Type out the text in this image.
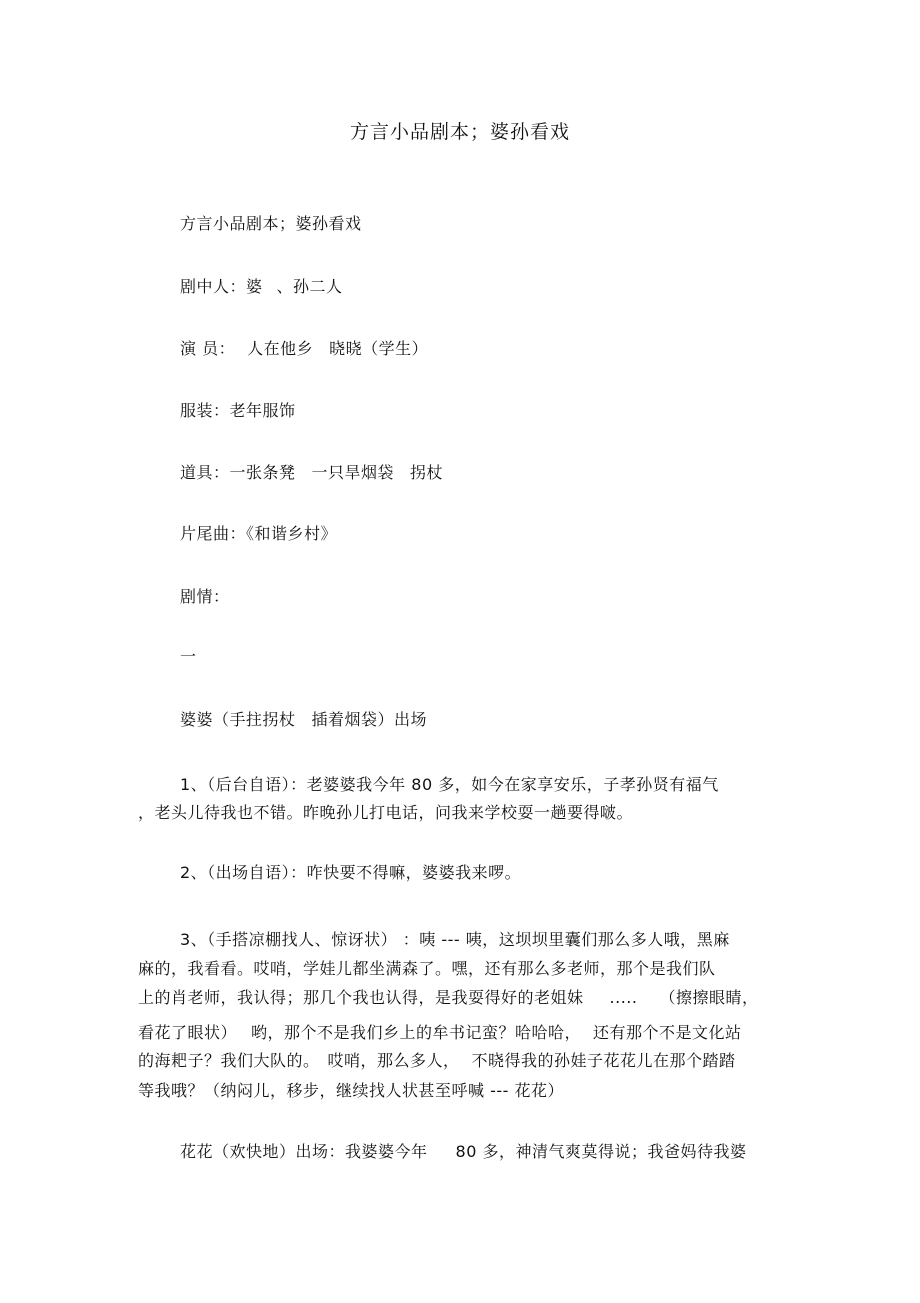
方言小品剧本；婆孙看戏
方言小品剧本；婆孙看戏
剧中人：婆 、孙二人
演 员： 人在他乡 晓晓（学生）
服装：老年服饰
道具：一张条凳 一只旱烟袋 拐杖
片尾曲：《和谐乡村》
剧情：
一
婆婆（手拄拐杖 插着烟袋）出场
1、（后台自语）：老婆婆我今年 80 多，如今在家享安乐，子孝孙贤有福气
，老头儿待我也不错。昨晚孙儿打电话，问我来学校耍一趟要得啵。
2、（出场自语）：咋快要不得嘛，婆婆我来啰。
3、（手搭凉棚找人、惊讶状） ：咦 --- 咦，这坝坝里囊们那么多人哦，黑麻
麻的，我看看。哎哨，学娃儿都坐满森了。嘿，还有那么多老师，那个是我们队
上的肖老师，我认得；那几个我也认得，是我耍得好的老姐妹 ..... （擦擦眼睛，
看花了眼状） 哟，那个不是我们乡上的牟书记蛮？哈哈哈， 还有那个不是文化站
的海耙子？我们大队的。 哎哨，那么多人， 不晓得我的孙娃子花花儿在那个踏踏
等我哦？（纳闷儿，移步，继续找人状甚至呼喊 --- 花花）
花花（欢快地）出场：我婆婆今年 80 多，神清气爽莫得说；我爸妈待我婆
